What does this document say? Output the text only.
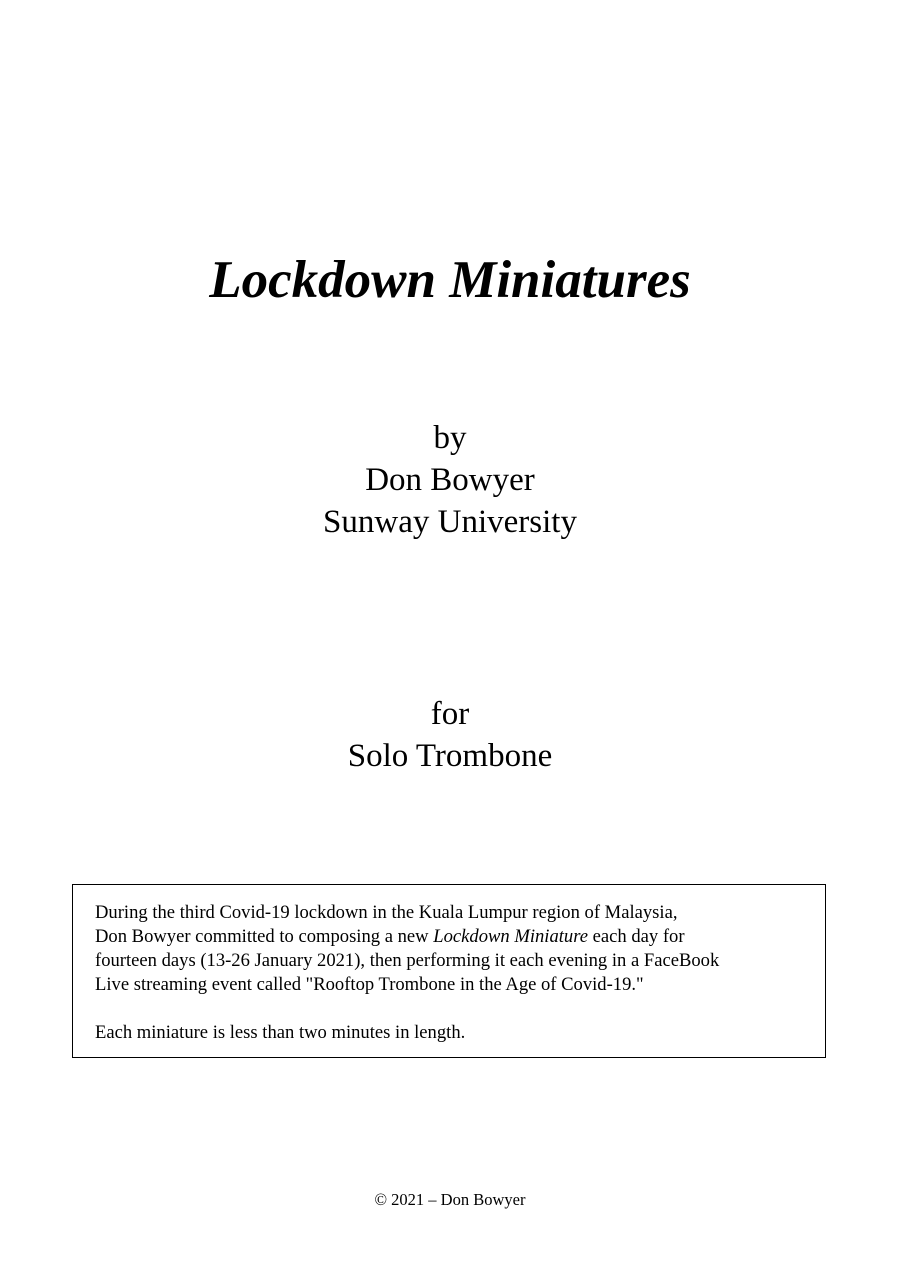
Lockdown Miniatures
by
Don Bowyer
Sunway University
for
Solo Trombone

During the third Covid-19 lockdown in the Kuala Lumpur region of Malaysia,

Don Bowyer committed to composing a new Lockdown Miniature each day for

fourteen days (13-26 January 2021), then performing it each evening in a FaceBook

Live streaming event called "Rooftop Trombone in the Age of Covid-19."

Each miniature is less than two minutes in length.

© 2021 – Don Bowyer
